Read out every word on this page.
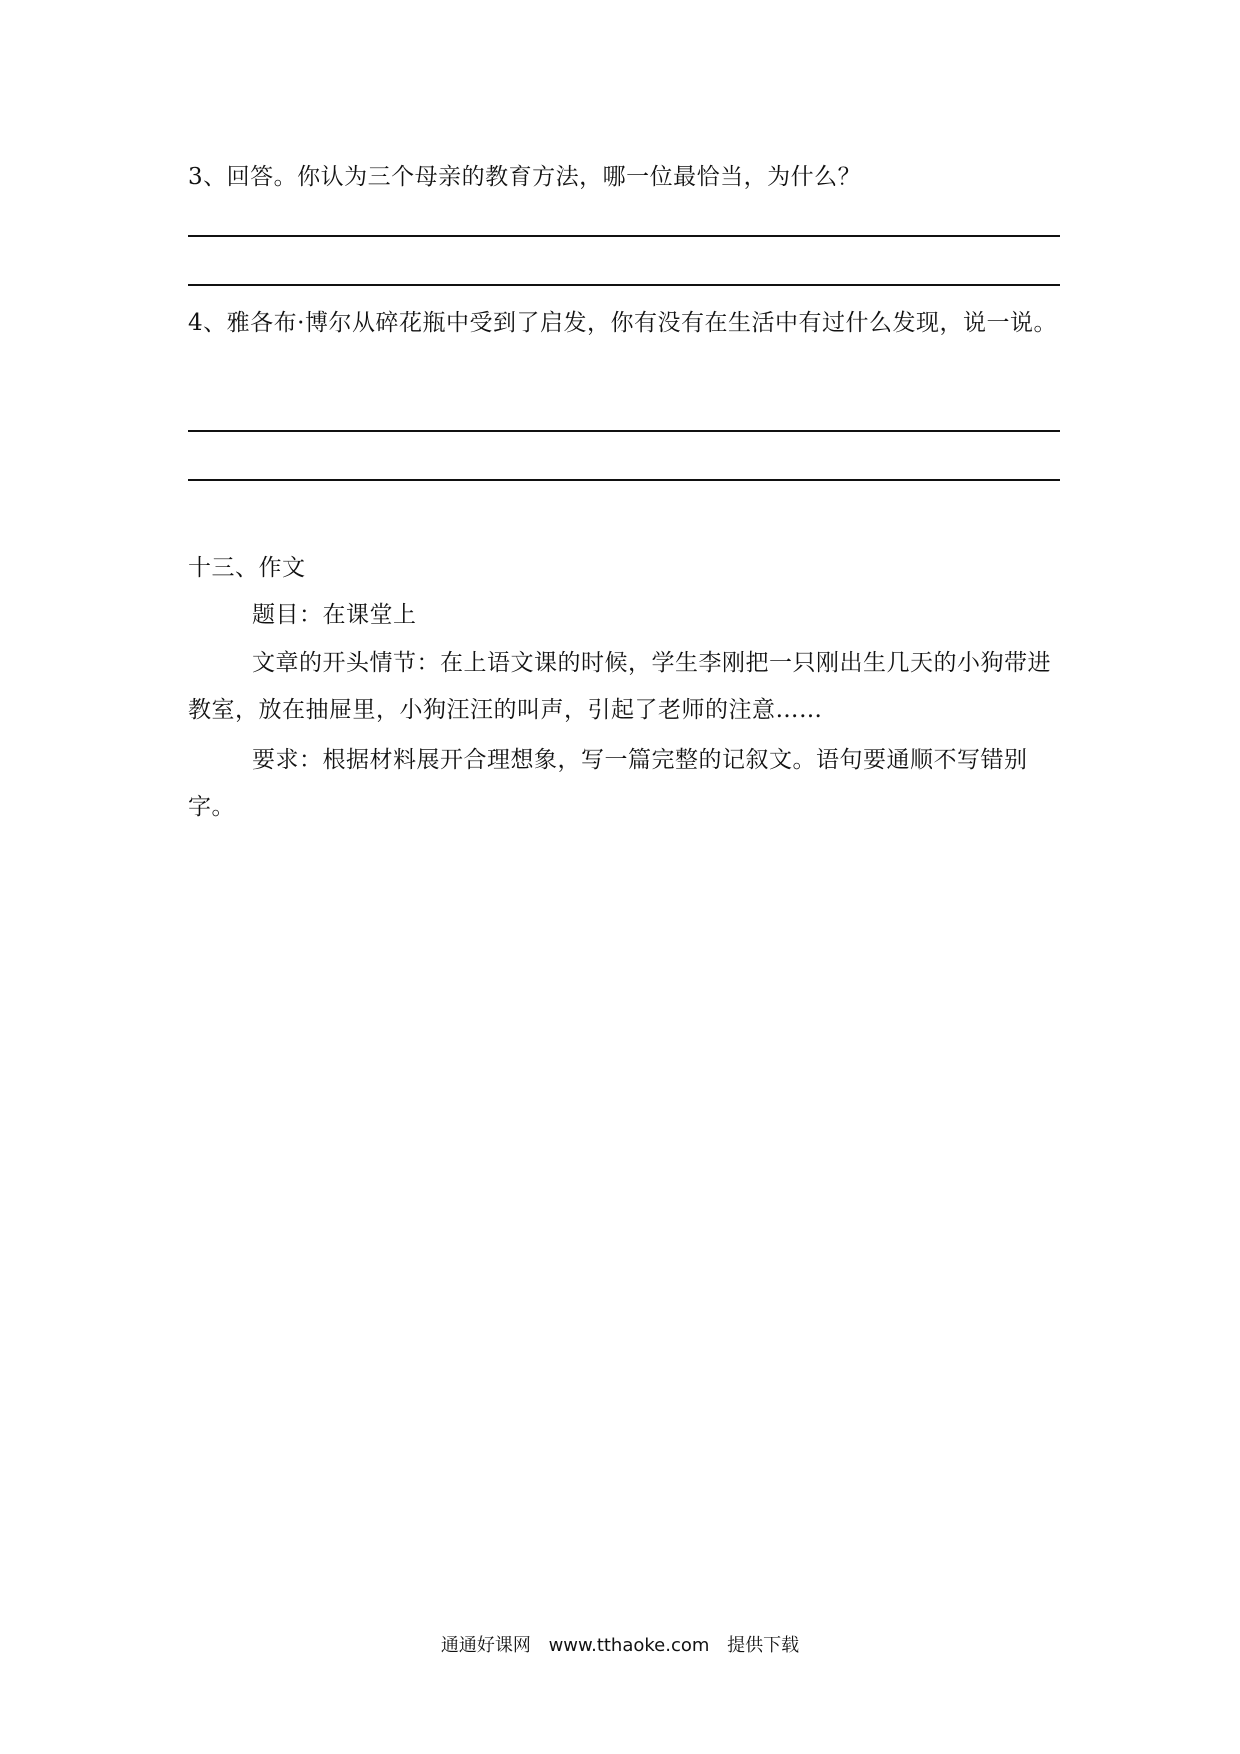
3、回答。你认为三个母亲的教育方法，哪一位最恰当，为什么？

4、雅各布·博尔从碎花瓶中受到了启发，你有没有在生活中有过什么发现，说一说。

十三、作文

题目：在课堂上

文章的开头情节：在上语文课的时候，学生李刚把一只刚出生几天的小狗带进教室，放在抽屉里，小狗汪汪的叫声，引起了老师的注意……

要求：根据材料展开合理想象，写一篇完整的记叙文。语句要通顺不写错别字。

通通好课网 www.tthaoke.com 提供下载
